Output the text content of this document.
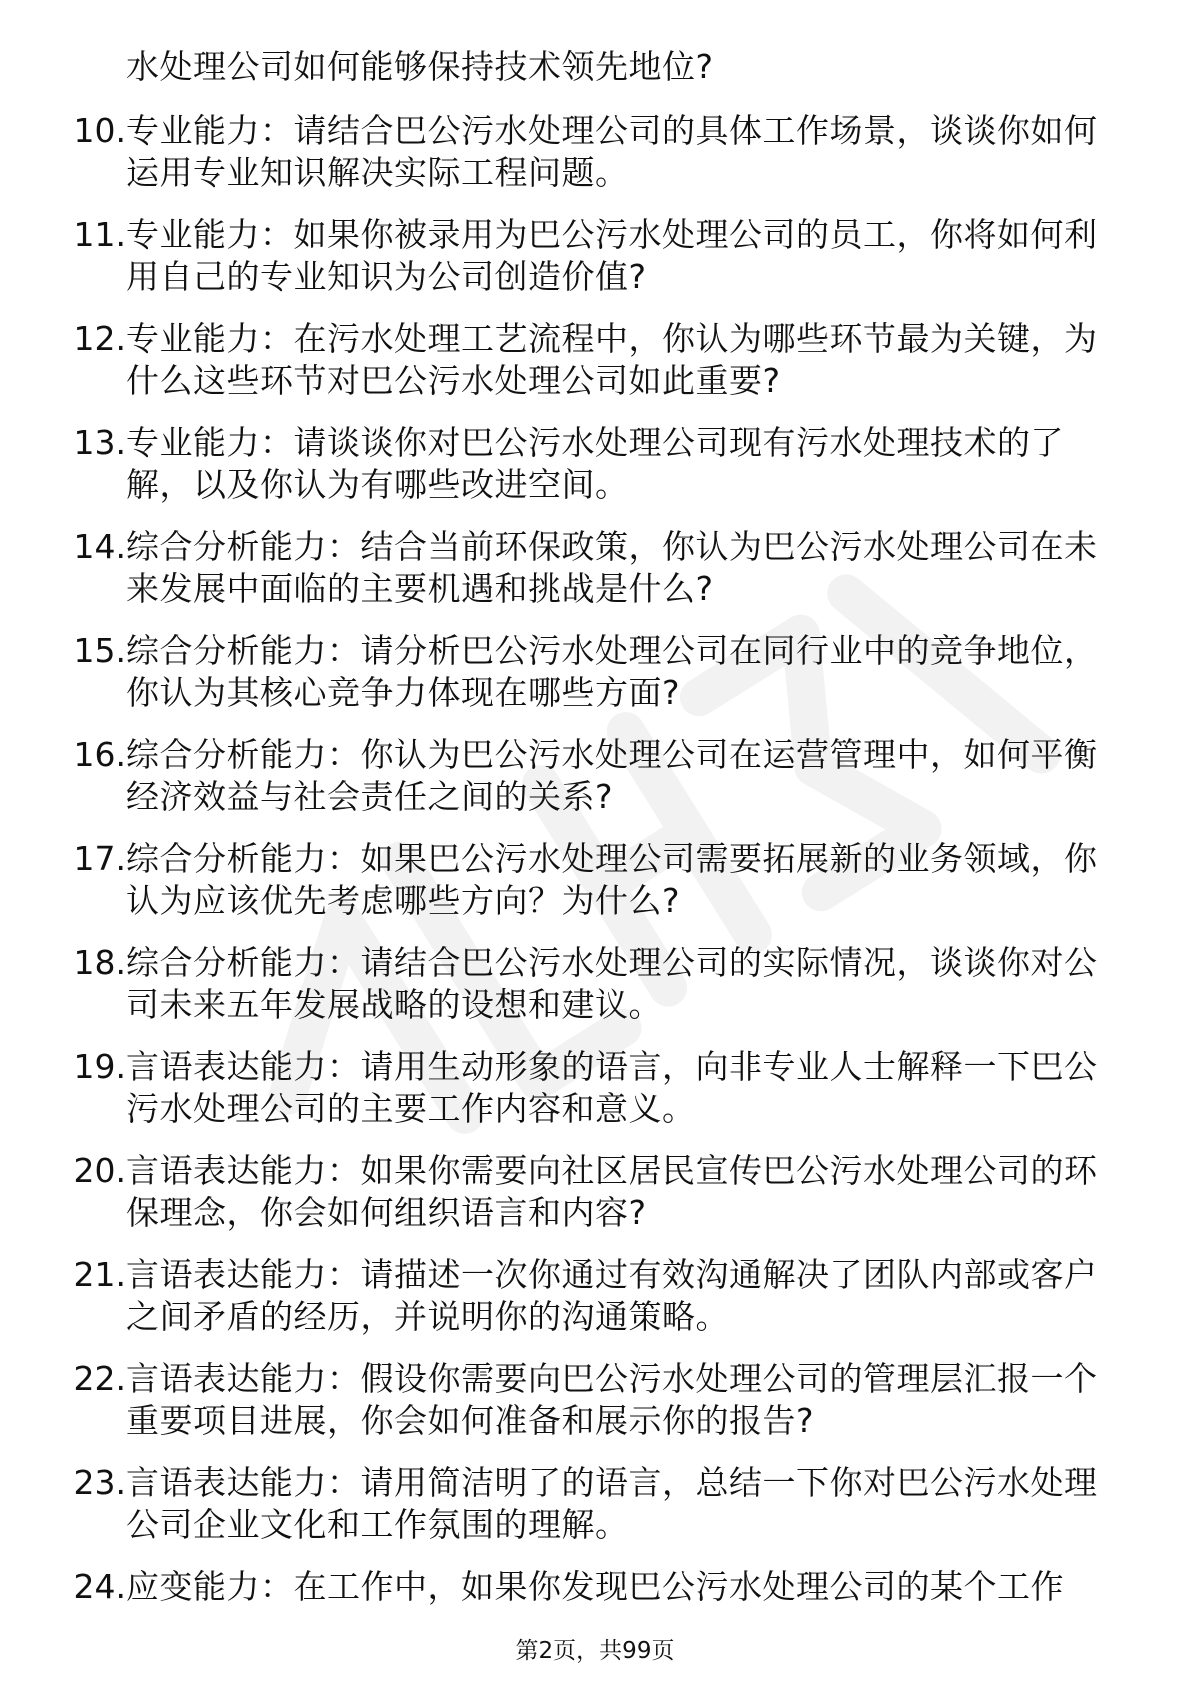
水处理公司如何能够保持技术领先地位?
10. 专业能力：请结合巴公污水处理公司的具体工作场景，谈谈你如何运用专业知识解决实际工程问题。
11. 专业能力：如果你被录用为巴公污水处理公司的员工，你将如何利用自己的专业知识为公司创造价值?
12. 专业能力：在污水处理工艺流程中，你认为哪些环节最为关键，为什么这些环节对巴公污水处理公司如此重要?
13. 专业能力：请谈谈你对巴公污水处理公司现有污水处理技术的了解，以及你认为有哪些改进空间。
14. 综合分析能力：结合当前环保政策，你认为巴公污水处理公司在未来发展中面临的主要机遇和挑战是什么?
15. 综合分析能力：请分析巴公污水处理公司在同行业中的竞争地位，你认为其核心竞争力体现在哪些方面?
16. 综合分析能力：你认为巴公污水处理公司在运营管理中，如何平衡经济效益与社会责任之间的关系?
17. 综合分析能力：如果巴公污水处理公司需要拓展新的业务领域，你认为应该优先考虑哪些方向？为什么?
18. 综合分析能力：请结合巴公污水处理公司的实际情况，谈谈你对公司未来五年发展战略的设想和建议。
19. 言语表达能力：请用生动形象的语言，向非专业人士解释一下巴公污水处理公司的主要工作内容和意义。
20. 言语表达能力：如果你需要向社区居民宣传巴公污水处理公司的环保理念，你会如何组织语言和内容?
21. 言语表达能力：请描述一次你通过有效沟通解决了团队内部或客户之间矛盾的经历，并说明你的沟通策略。
22. 言语表达能力：假设你需要向巴公污水处理公司的管理层汇报一个重要项目进展，你会如何准备和展示你的报告?
23. 言语表达能力：请用简洁明了的语言，总结一下你对巴公污水处理公司企业文化和工作氛围的理解。
24. 应变能力：在工作中，如果你发现巴公污水处理公司的某个工作
第2页，共99页
